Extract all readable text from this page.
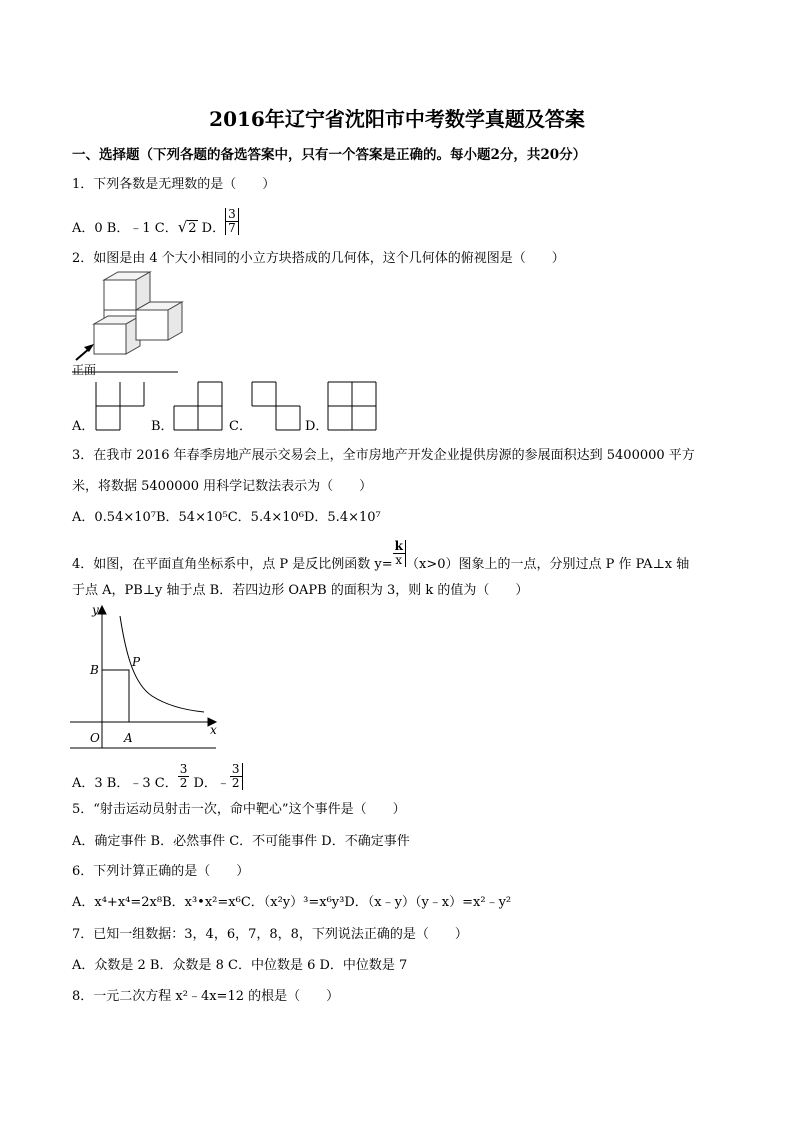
2016年辽宁省沈阳市中考数学真题及答案
一、选择题（下列各题的备选答案中，只有一个答案是正确的。每小题2分，共20分）
1．下列各数是无理数的是（　　）
A．0 B．﹣1 C．√2 D． $\frac{3}{7}$
2．如图是由 4 个大小相同的小立方块搭成的几何体，这个几何体的俯视图是（　　）
正面
A．	B．	C．	D．
3．在我市 2016 年春季房地产展示交易会上，全市房地产开发企业提供房源的参展面积达到 5400000 平方
米，将数据 5400000 用科学记数法表示为（　　）
A．0.54×10⁷B．54×10⁵C．5.4×10⁶D．5.4×10⁷
4．如图，在平面直角坐标系中，点 P 是反比例函数 $y= \frac{k}{x} (x>0)$图象上的一点，分别过点 P 作 PA⊥x 轴
于点 A，PB⊥y 轴于点 B．若四边形 OAPB 的面积为 3，则 k 的值为（　　）
y
x
O A
B
P
A．3 B．﹣3 C． $\frac{3}{2}$ D．﹣ $\frac{3}{2}$
5．“射击运动员射击一次，命中靶心”这个事件是（　　）
A．确定事件 B．必然事件 C．不可能事件 D．不确定事件
6．下列计算正确的是（　　）
A．x⁴+x⁴=2x⁸B．x³•x²=x⁶C．（x²y）³=x⁶y³D．（x﹣y）（y﹣x）=x²﹣y²
7．已知一组数据：3，4，6，7，8，8，下列说法正确的是（　　）
A．众数是 2 B．众数是 8 C．中位数是 6 D．中位数是 7
8．一元二次方程 x²﹣4x=12 的根是（　　）
